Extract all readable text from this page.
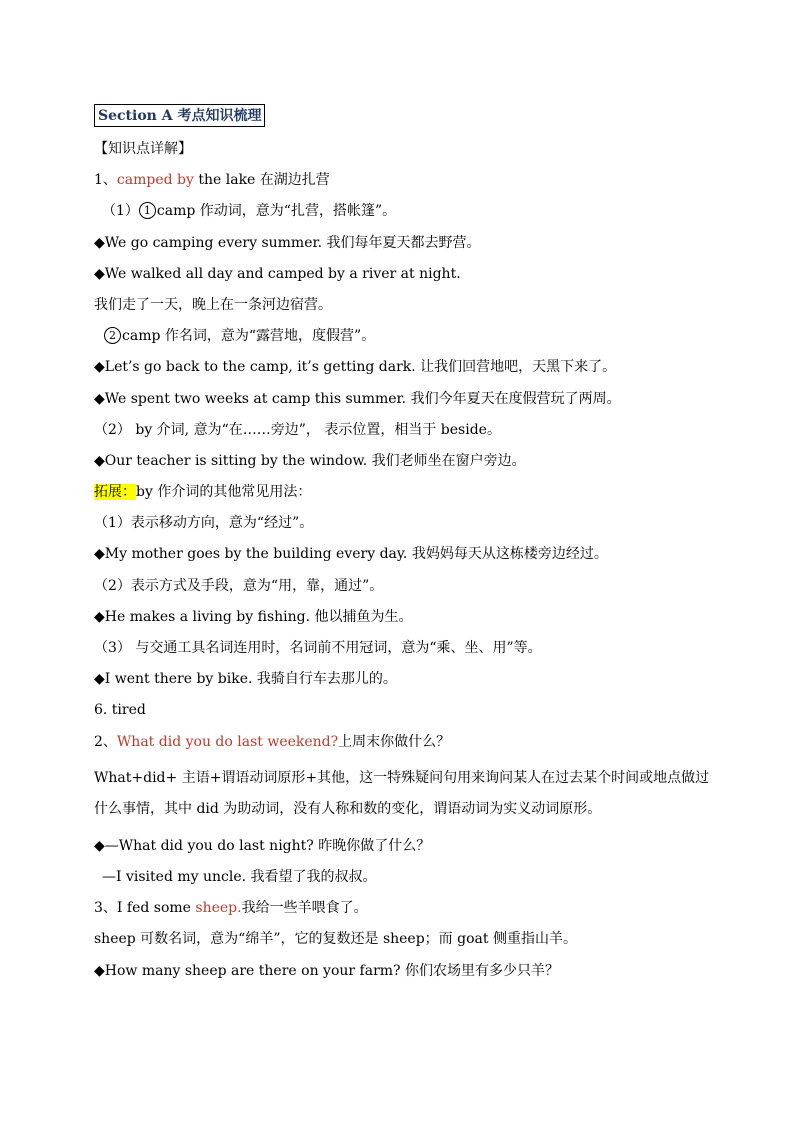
Section A 考点知识梳理
【知识点详解】
1、camped by the lake 在湖边扎营
（1） 1 camp 作动词，意为“扎营，搭帐篷”。
◆We go camping every summer. 我们每年夏天都去野营。
◆We walked all day and camped by a river at night.
我们走了一天，晚上在一条河边宿营。
2 camp 作名词，意为“露营地，度假营”。
◆Let’s go back to the camp, it’s getting dark. 让我们回营地吧，天黑下来了。
◆We spent two weeks at camp this summer. 我们今年夏天在度假营玩了两周。
（2） by 介词, 意为“在……旁边”， 表示位置，相当于 beside。
◆Our teacher is sitting by the window. 我们老师坐在窗户旁边。
拓展：by 作介词的其他常见用法：
（1）表示移动方向，意为“经过”。
◆My mother goes by the building every day. 我妈妈每天从这栋楼旁边经过。
（2）表示方式及手段，意为“用，靠，通过”。
◆He makes a living by fishing. 他以捕鱼为生。
（3） 与交通工具名词连用时，名词前不用冠词，意为“乘、坐、用”等。
◆I went there by bike. 我骑自行车去那儿的。
6. tired
2、What did you do last weekend?上周末你做什么？
What+did+ 主语+谓语动词原形+其他，这一特殊疑问句用来询问某人在过去某个时间或地点做过什么事情，其中 did 为助动词，没有人称和数的变化，谓语动词为实义动词原形。
◆—What did you do last night? 昨晚你做了什么？
—I visited my uncle. 我看望了我的叔叔。
3、I fed some sheep.我给一些羊喂食了。
sheep 可数名词，意为“绵羊”，它的复数还是 sheep；而 goat 侧重指山羊。
◆How many sheep are there on your farm? 你们农场里有多少只羊？
